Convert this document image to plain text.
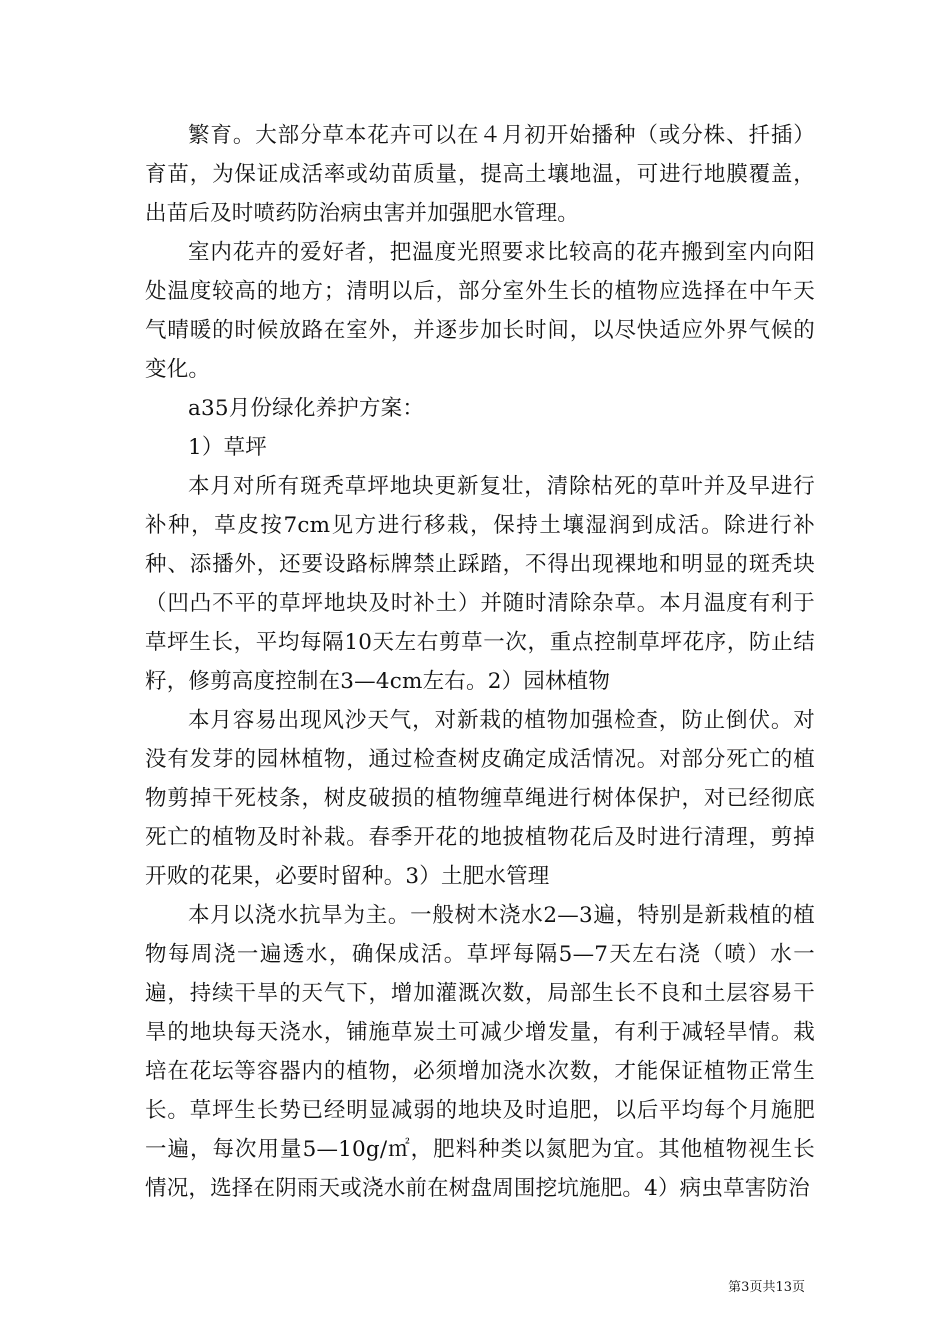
繁育。大部分草本花卉可以在４月初开始播种（或分株、扦插）育苗，为保证成活率或幼苗质量，提高土壤地温，可进行地膜覆盖，出苗后及时喷药防治病虫害并加强肥水管理。

室内花卉的爱好者，把温度光照要求比较高的花卉搬到室内向阳处温度较高的地方；清明以后，部分室外生长的植物应选择在中午天气晴暖的时候放路在室外，并逐步加长时间，以尽快适应外界气候的变化。

a35月份绿化养护方案：

1）草坪

本月对所有斑秃草坪地块更新复壮，清除枯死的草叶并及早进行补种，草皮按7cm见方进行移栽，保持土壤湿润到成活。除进行补种、添播外，还要设路标牌禁止踩踏，不得出现裸地和明显的斑秃块（凹凸不平的草坪地块及时补土）并随时清除杂草。本月温度有利于草坪生长，平均每隔10天左右剪草一次，重点控制草坪花序，防止结籽，修剪高度控制在3—4cm左右。2）园林植物

本月容易出现风沙天气，对新栽的植物加强检查，防止倒伏。对没有发芽的园林植物，通过检查树皮确定成活情况。对部分死亡的植物剪掉干死枝条，树皮破损的植物缠草绳进行树体保护，对已经彻底死亡的植物及时补栽。春季开花的地披植物花后及时进行清理，剪掉开败的花果，必要时留种。3）土肥水管理

本月以浇水抗旱为主。一般树木浇水2—3遍，特别是新栽植的植物每周浇一遍透水，确保成活。草坪每隔5—7天左右浇（喷）水一遍，持续干旱的天气下，增加灌溉次数，局部生长不良和土层容易干旱的地块每天浇水，铺施草炭土可减少增发量，有利于减轻旱情。栽培在花坛等容器内的植物，必须增加浇水次数，才能保证植物正常生长。草坪生长势已经明显减弱的地块及时追肥，以后平均每个月施肥一遍，每次用量5—10g/㎡，肥料种类以氮肥为宜。其他植物视生长情况，选择在阴雨天或浇水前在树盘周围挖坑施肥。4）病虫草害防治

第3页共13页
